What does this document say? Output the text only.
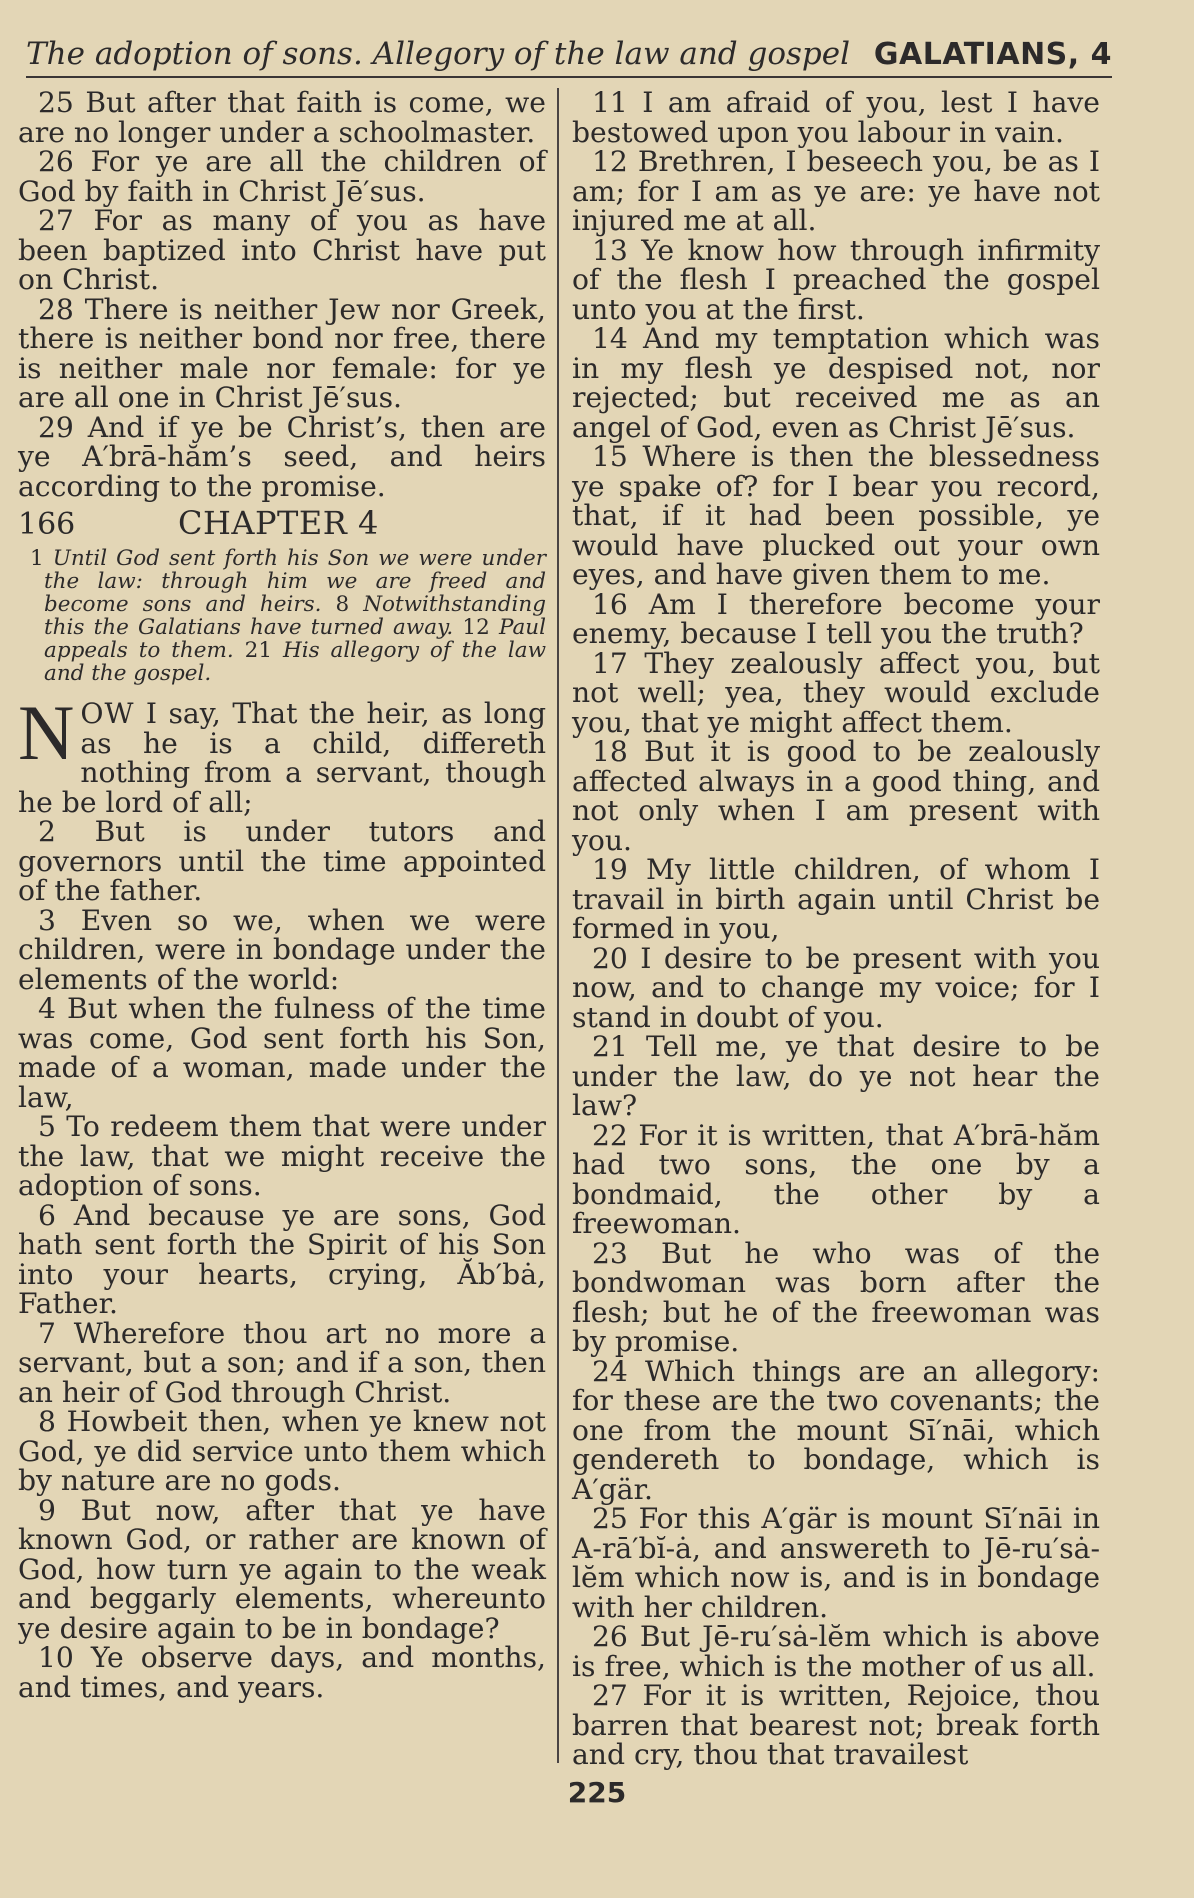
The adoption of sons. Allegory of the law and gospel GALATIANS, 4

25 But after that faith is come, we are no longer under a schoolmaster.

26 For ye are all the children of God by faith in Christ Jē′sus.

27 For as many of you as have been baptized into Christ have put on Christ.

28 There is neither Jew nor Greek, there is neither bond nor free, there is neither male nor female: for ye are all one in Christ Jē′sus.

29 And if ye be Christ’s, then are ye A′brā-hăm’s seed, and heirs according to the promise.

166	CHAPTER 4
1 Until God sent forth his Son we were under the law: through him we are freed and become sons and heirs. 8 Notwithstanding this the Galatians have turned away. 12 Paul appeals to them. 21 His allegory of the law and the gospel.

NOW I say, That the heir, as long as he is a child, differeth nothing from a servant, though he be lord of all;

2 But is under tutors and governors until the time appointed of the father.

3 Even so we, when we were children, were in bondage under the elements of the world:

4 But when the fulness of the time was come, God sent forth his Son, made of a woman, made under the law,

5 To redeem them that were under the law, that we might receive the adoption of sons.

6 And because ye are sons, God hath sent forth the Spirit of his Son into your hearts, crying, Ăb′bȧ, Father.

7 Wherefore thou art no more a servant, but a son; and if a son, then an heir of God through Christ.

8 Howbeit then, when ye knew not God, ye did service unto them which by nature are no gods.

9 But now, after that ye have known God, or rather are known of God, how turn ye again to the weak and beggarly elements, whereunto ye desire again to be in bondage?

10 Ye observe days, and months, and times, and years.

11 I am afraid of you, lest I have bestowed upon you labour in vain.

12 Brethren, I beseech you, be as I am; for I am as ye are: ye have not injured me at all.

13 Ye know how through infirmity of the flesh I preached the gospel unto you at the first.

14 And my temptation which was in my flesh ye despised not, nor rejected; but received me as an angel of God, even as Christ Jē′sus.

15 Where is then the blessedness ye spake of? for I bear you record, that, if it had been possible, ye would have plucked out your own eyes, and have given them to me.

16 Am I therefore become your enemy, because I tell you the truth?

17 They zealously affect you, but not well; yea, they would exclude you, that ye might affect them.

18 But it is good to be zealously affected always in a good thing, and not only when I am present with you.

19 My little children, of whom I travail in birth again until Christ be formed in you,

20 I desire to be present with you now, and to change my voice; for I stand in doubt of you.

21 Tell me, ye that desire to be under the law, do ye not hear the law?

22 For it is written, that A′brā-hăm had two sons, the one by a bondmaid, the other by a freewoman.

23 But he who was of the bondwoman was born after the flesh; but he of the freewoman was by promise.

24 Which things are an allegory: for these are the two covenants; the one from the mount Sī′nāi, which gendereth to bondage, which is A′gär.

25 For this A′gär is mount Sī′nāi in A-rā′bĭ-ȧ, and answereth to Jē-ru′sȧ-lĕm which now is, and is in bondage with her children.

26 But Jē-ru′sȧ-lĕm which is above is free, which is the mother of us all.

27 For it is written, Rejoice, thou barren that bearest not; break forth and cry, thou that travailest

225
